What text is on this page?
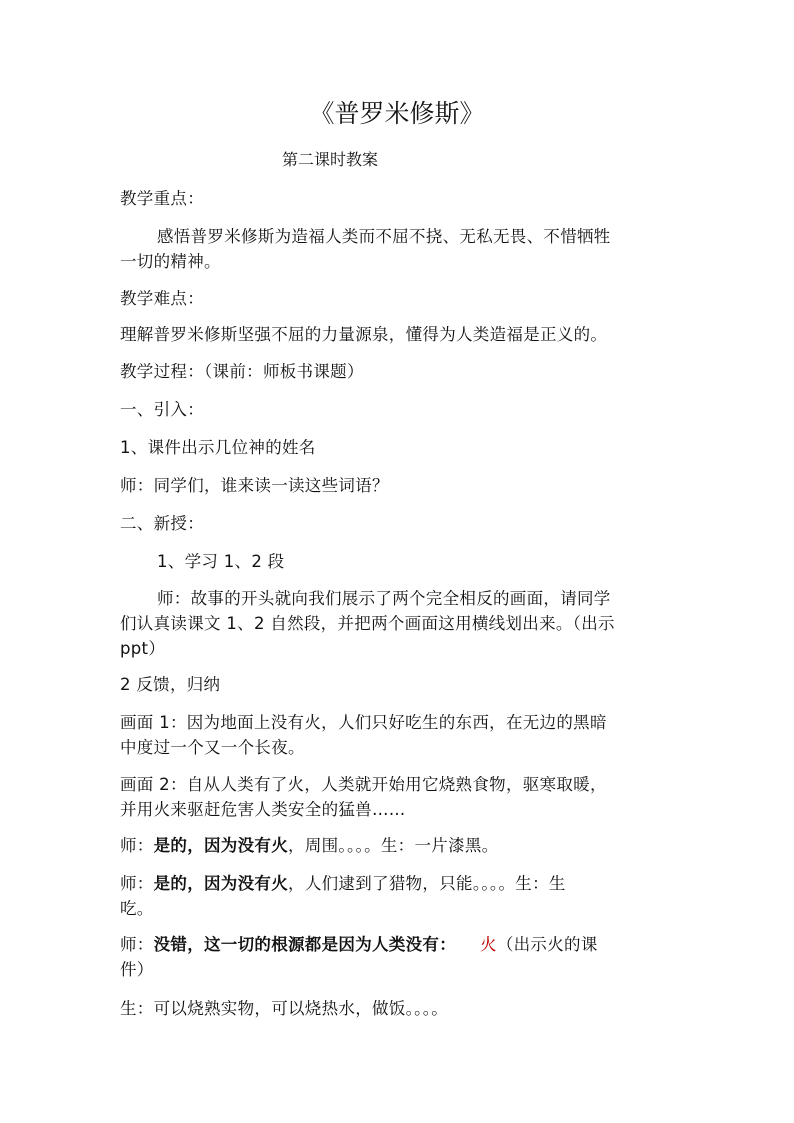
《普罗米修斯》
第二课时教案
教学重点：
感悟普罗米修斯为造福人类而不屈不挠、无私无畏、不惜牺牲
一切的精神。
教学难点：
理解普罗米修斯坚强不屈的力量源泉，懂得为人类造福是正义的。
教学过程：（课前：师板书课题）
一、引入：
1、课件出示几位神的姓名
师：同学们，谁来读一读这些词语？
二、新授：
1、学习 1、2 段
师：故事的开头就向我们展示了两个完全相反的画面，请同学
们认真读课文 1、2 自然段，并把两个画面这用横线划出来。（出示
ppt）
2 反馈，归纳
画面 1：因为地面上没有火，人们只好吃生的东西，在无边的黑暗
中度过一个又一个长夜。
画面 2：自从人类有了火，人类就开始用它烧熟食物，驱寒取暖，
并用火来驱赶危害人类安全的猛兽……
师：是的，因为没有火，周围。。。。生：一片漆黑。
师：是的，因为没有火，人们逮到了猎物，只能。。。。生：生
吃。
师：没错，这一切的根源都是因为人类没有： 火（出示火的课
件）
生：可以烧熟实物，可以烧热水，做饭。。。。
